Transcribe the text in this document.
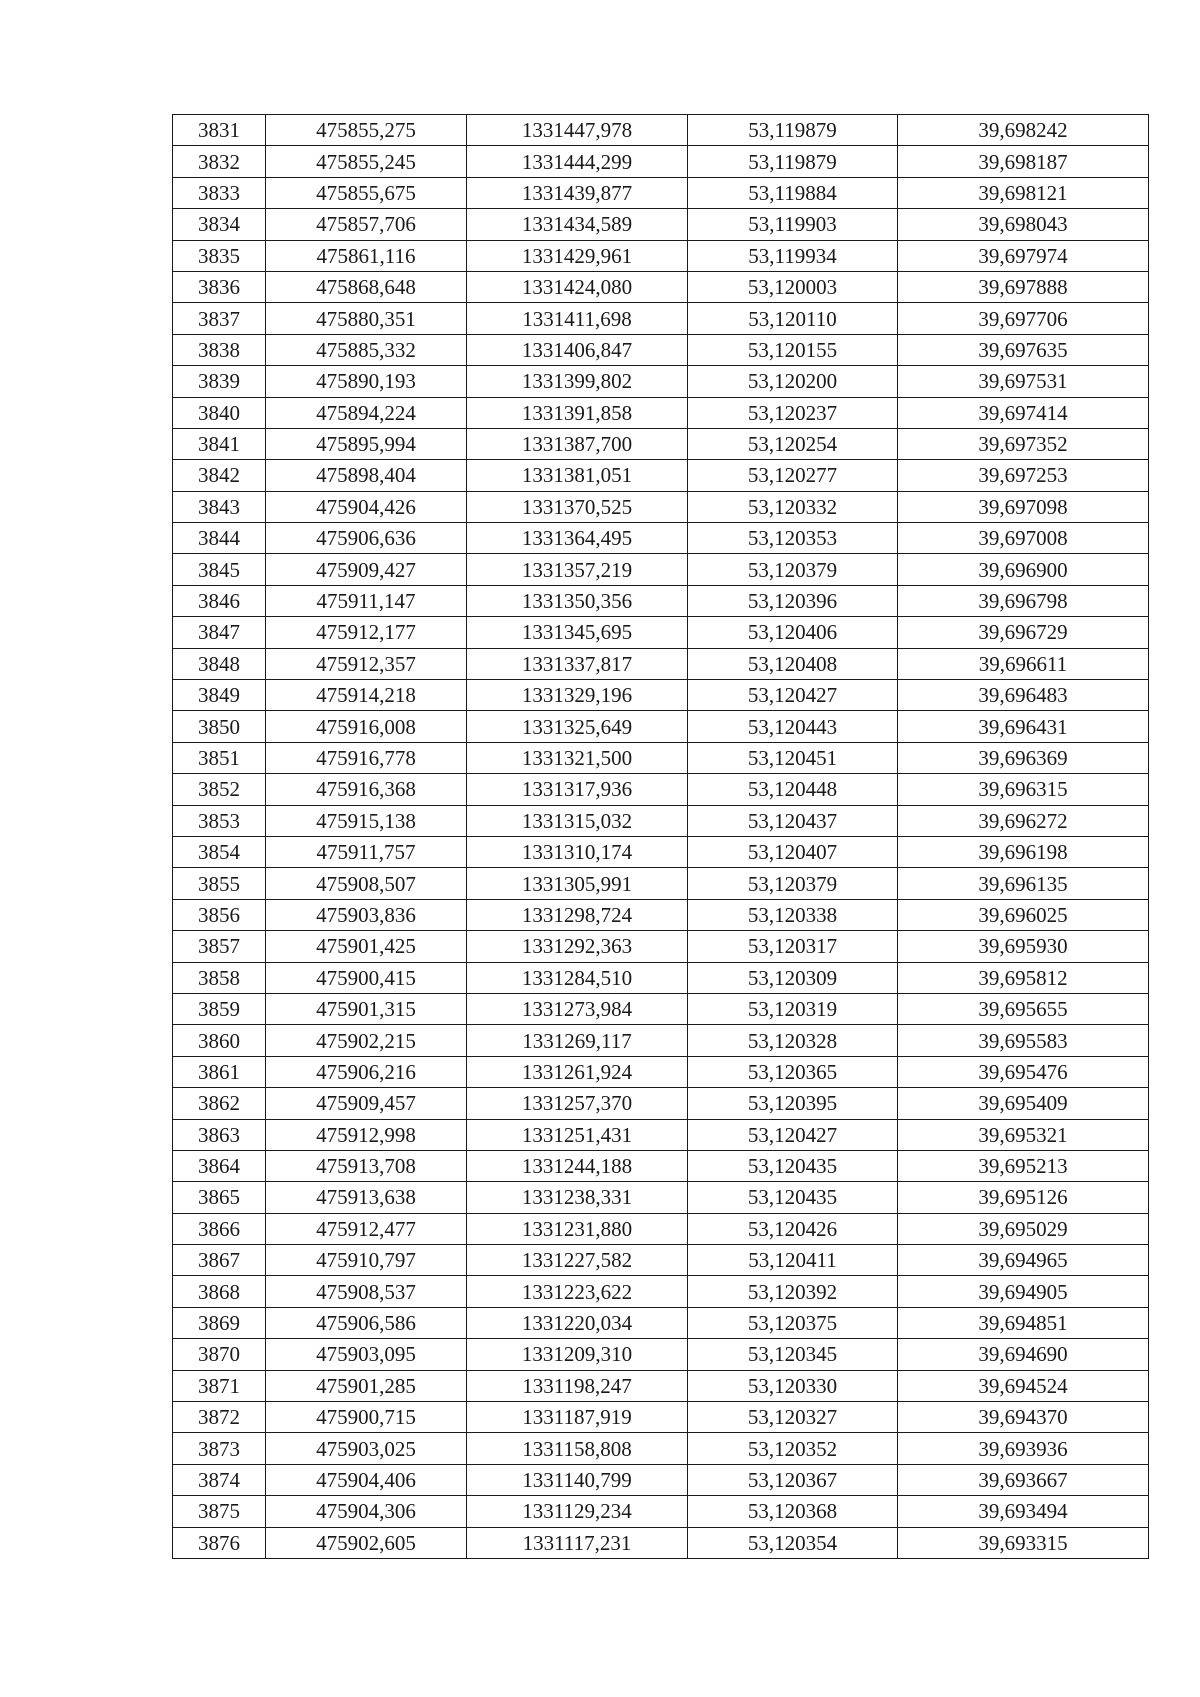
3831	475855,275	1331447,978	53,119879	39,698242
3832	475855,245	1331444,299	53,119879	39,698187
3833	475855,675	1331439,877	53,119884	39,698121
3834	475857,706	1331434,589	53,119903	39,698043
3835	475861,116	1331429,961	53,119934	39,697974
3836	475868,648	1331424,080	53,120003	39,697888
3837	475880,351	1331411,698	53,120110	39,697706
3838	475885,332	1331406,847	53,120155	39,697635
3839	475890,193	1331399,802	53,120200	39,697531
3840	475894,224	1331391,858	53,120237	39,697414
3841	475895,994	1331387,700	53,120254	39,697352
3842	475898,404	1331381,051	53,120277	39,697253
3843	475904,426	1331370,525	53,120332	39,697098
3844	475906,636	1331364,495	53,120353	39,697008
3845	475909,427	1331357,219	53,120379	39,696900
3846	475911,147	1331350,356	53,120396	39,696798
3847	475912,177	1331345,695	53,120406	39,696729
3848	475912,357	1331337,817	53,120408	39,696611
3849	475914,218	1331329,196	53,120427	39,696483
3850	475916,008	1331325,649	53,120443	39,696431
3851	475916,778	1331321,500	53,120451	39,696369
3852	475916,368	1331317,936	53,120448	39,696315
3853	475915,138	1331315,032	53,120437	39,696272
3854	475911,757	1331310,174	53,120407	39,696198
3855	475908,507	1331305,991	53,120379	39,696135
3856	475903,836	1331298,724	53,120338	39,696025
3857	475901,425	1331292,363	53,120317	39,695930
3858	475900,415	1331284,510	53,120309	39,695812
3859	475901,315	1331273,984	53,120319	39,695655
3860	475902,215	1331269,117	53,120328	39,695583
3861	475906,216	1331261,924	53,120365	39,695476
3862	475909,457	1331257,370	53,120395	39,695409
3863	475912,998	1331251,431	53,120427	39,695321
3864	475913,708	1331244,188	53,120435	39,695213
3865	475913,638	1331238,331	53,120435	39,695126
3866	475912,477	1331231,880	53,120426	39,695029
3867	475910,797	1331227,582	53,120411	39,694965
3868	475908,537	1331223,622	53,120392	39,694905
3869	475906,586	1331220,034	53,120375	39,694851
3870	475903,095	1331209,310	53,120345	39,694690
3871	475901,285	1331198,247	53,120330	39,694524
3872	475900,715	1331187,919	53,120327	39,694370
3873	475903,025	1331158,808	53,120352	39,693936
3874	475904,406	1331140,799	53,120367	39,693667
3875	475904,306	1331129,234	53,120368	39,693494
3876	475902,605	1331117,231	53,120354	39,693315
